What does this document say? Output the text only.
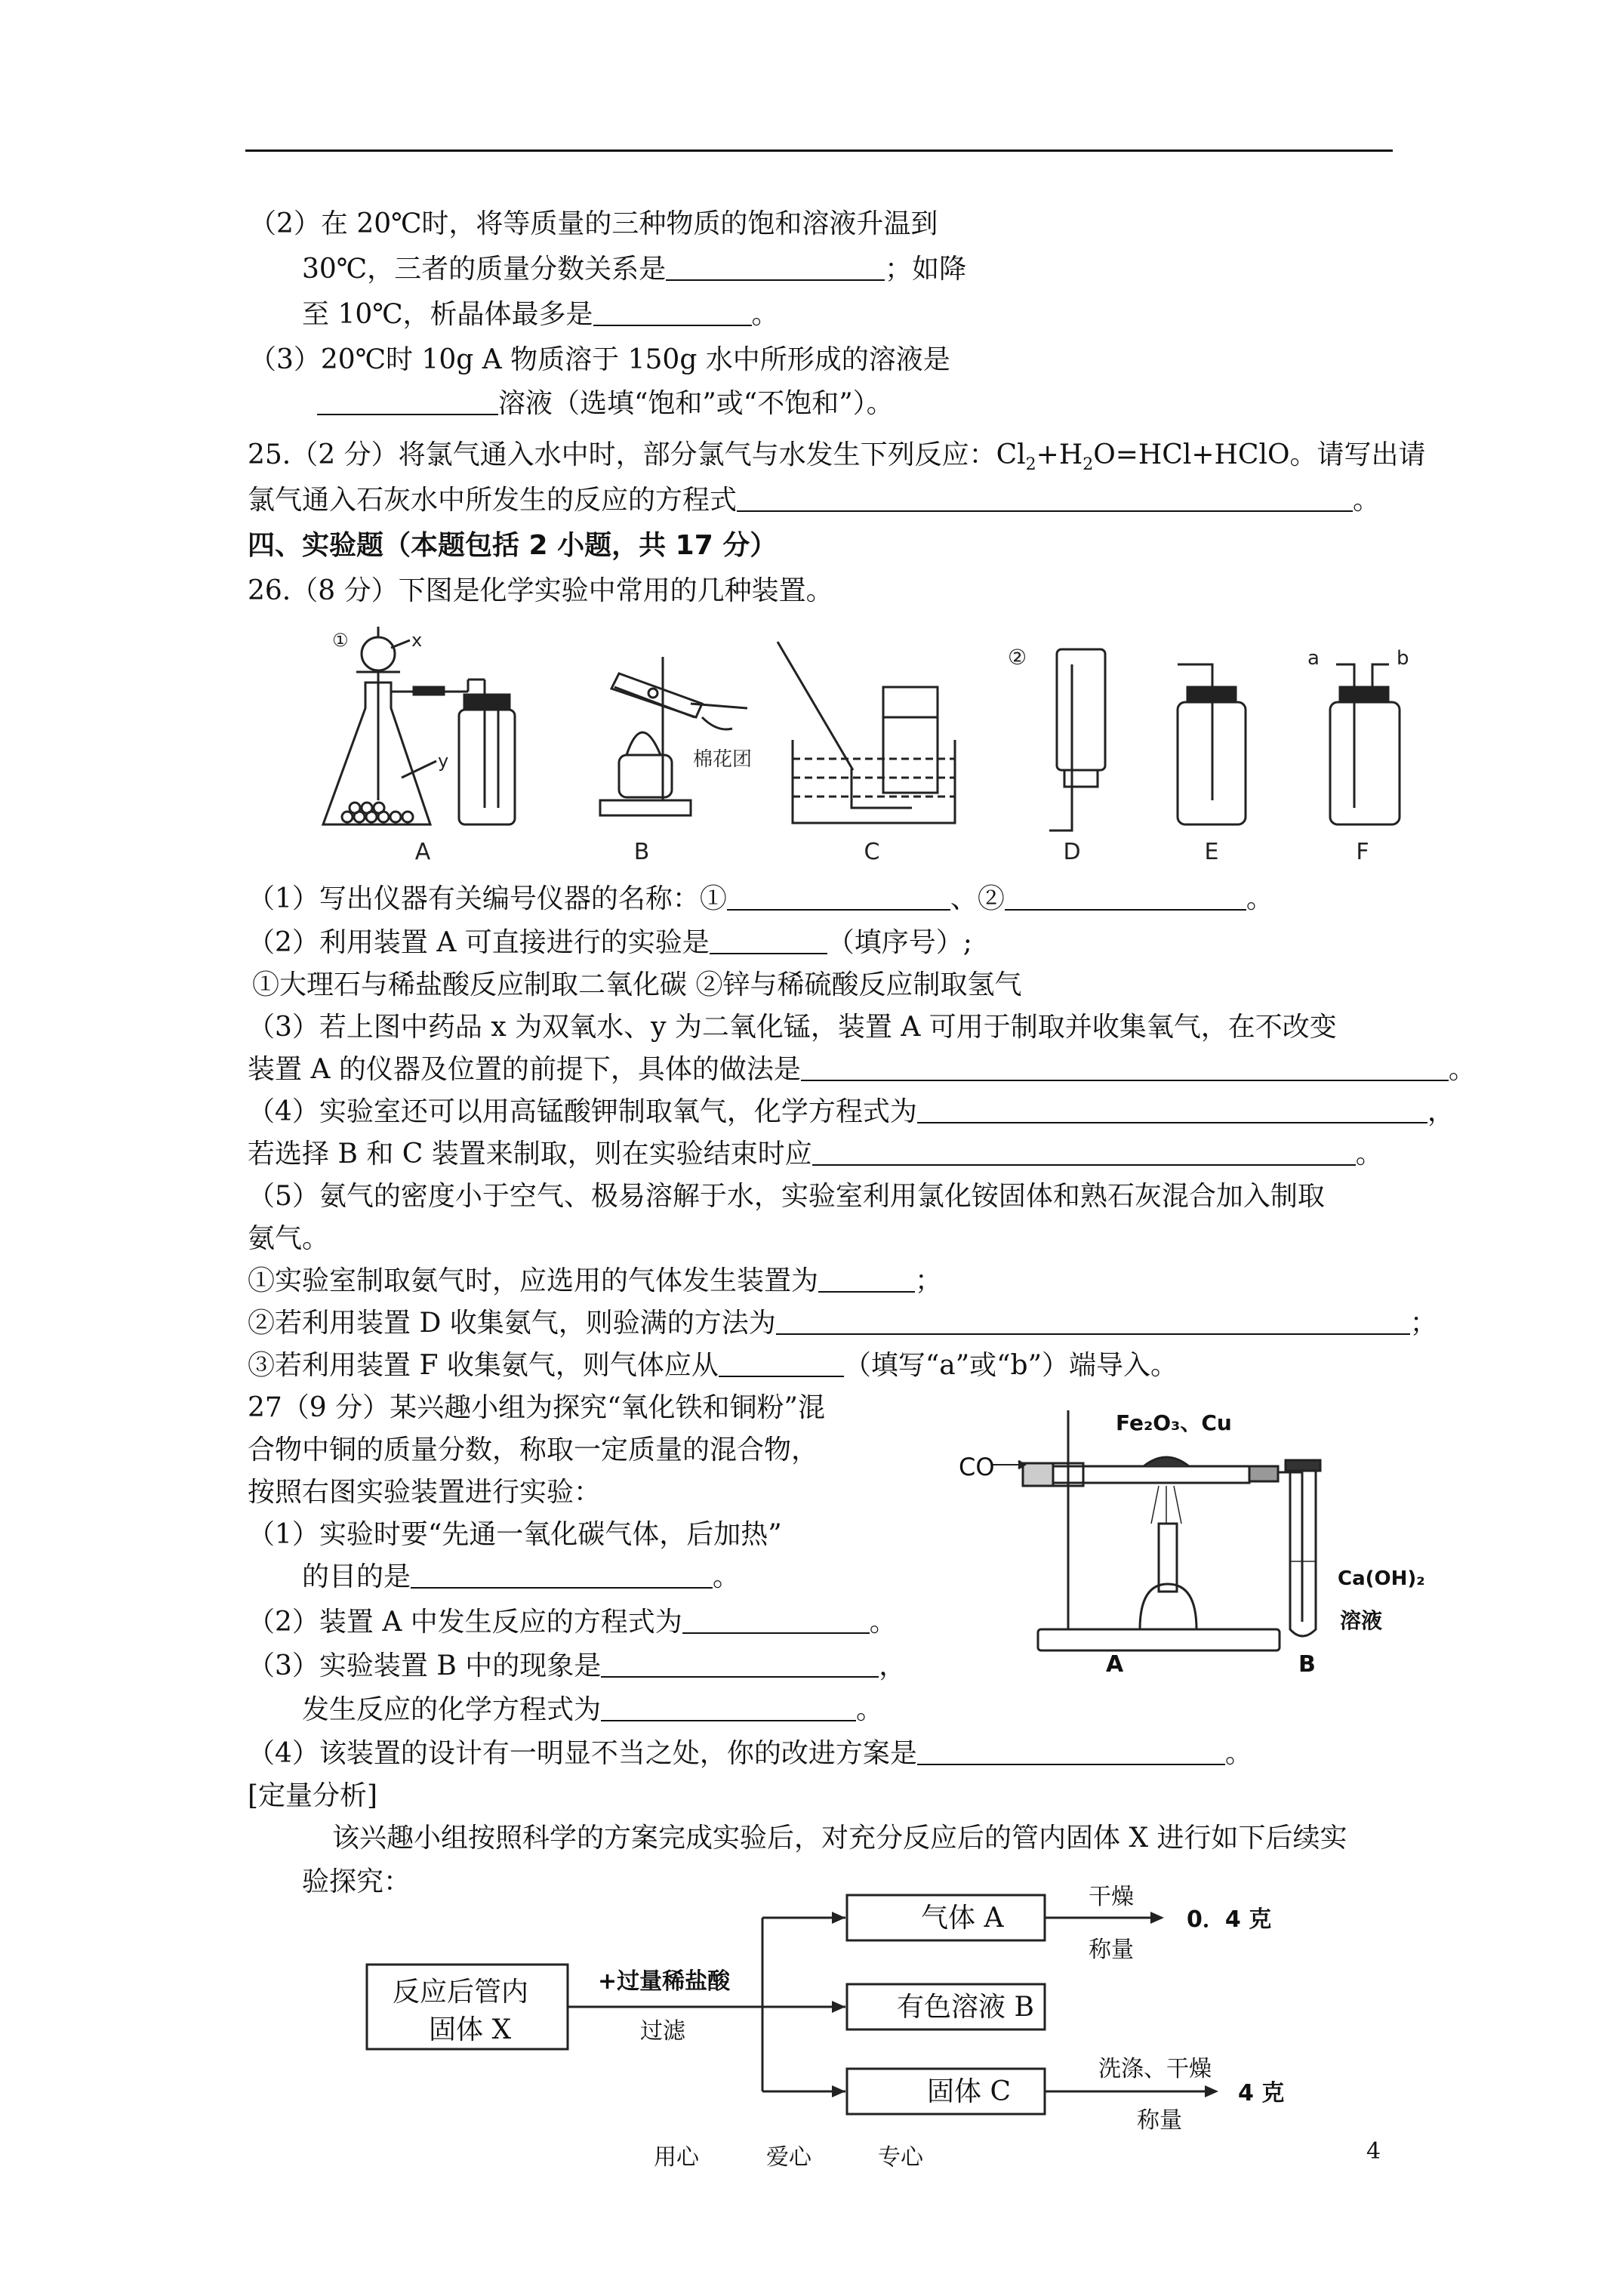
（2）在 20℃时，将等质量的三种物质的饱和溶液升温到
30℃，三者的质量分数关系是	；如降
至 10℃，析晶体最多是	。
（3）20℃时 10g A 物质溶于 150g 水中所形成的溶液是
溶液（选填“饱和”或“不饱和”）。
25.（2 分）将氯气通入水中时，部分氯气与水发生下列反应：$Cl_2+H_2O=HCl+HClO$。请写出请
氯气通入石灰水中所发生的反应的方程式	。
四、实验题（本题包括 2 小题，共 17 分）
26.（8 分）下图是化学实验中常用的几种装置。
①	x
y	棉花团
②	a	b
A	B	C	D	E	F
（1）写出仪器有关编号仪器的名称：①	、②	。
（2）利用装置 A 可直接进行的实验是	（填序号）;
①大理石与稀盐酸反应制取二氧化碳 ②锌与稀硫酸反应制取氢气
（3）若上图中药品 x 为双氧水、y 为二氧化锰，装置 A 可用于制取并收集氧气，在不改变
装置 A 的仪器及位置的前提下，具体的做法是	。
（4）实验室还可以用高锰酸钾制取氧气，化学方程式为	，
若选择 B 和 C 装置来制取，则在实验结束时应	。
（5）氨气的密度小于空气、极易溶解于水，实验室利用氯化铵固体和熟石灰混合加入制取
氨气。
①实验室制取氨气时，应选用的气体发生装置为	；
②若利用装置 D 收集氨气，则验满的方法为	；
③若利用装置 F 收集氨气，则气体应从	（填写“a”或“b”）端导入。
27（9 分）某兴趣小组为探究“氧化铁和铜粉”混
合物中铜的质量分数，称取一定质量的混合物，
按照右图实验装置进行实验：
（1）实验时要“先通一氧化碳气体，后加热”
的目的是	。
（2）装置 A 中发生反应的方程式为	。
（3）实验装置 B 中的现象是	，
发生反应的化学方程式为	。
（4）该装置的设计有一明显不当之处，你的改进方案是	。
Fe₂O₃、Cu
CO
Ca(OH)₂
溶液
A	B
[定量分析]
该兴趣小组按照科学的方案完成实验后，对充分反应后的管内固体 X 进行如下后续实
验探究：
反应后管内
固体 X
+过量稀盐酸
过滤
气体 A
有色溶液 B
固体 C
干燥
称量
0．4 克
洗涤、干燥
称量
4 克
用心	爱心	专心	4
